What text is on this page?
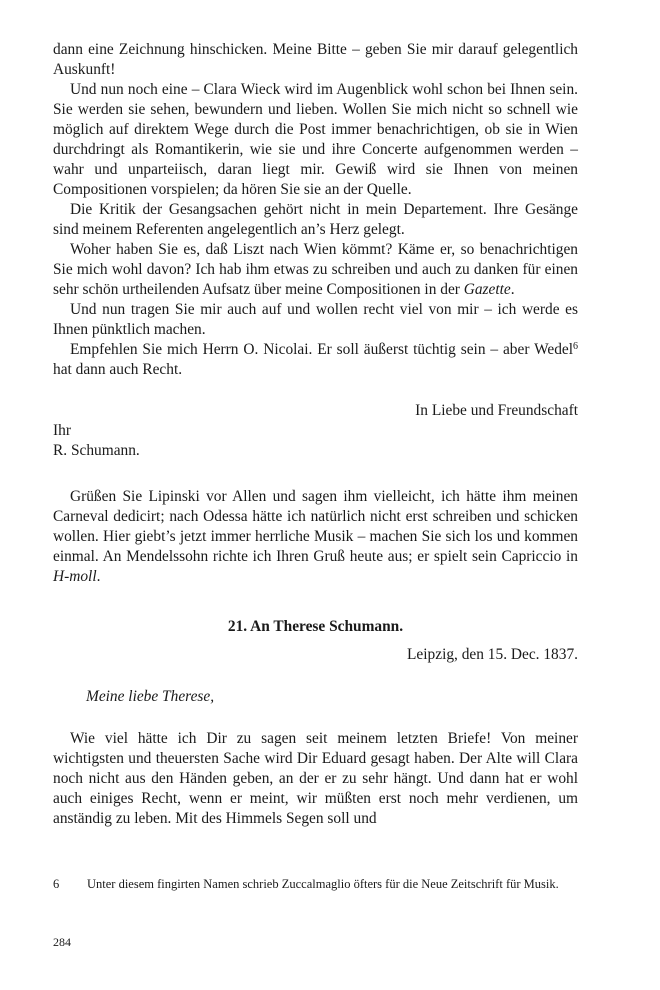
dann eine Zeichnung hinschicken. Meine Bitte – geben Sie mir darauf gelegentlich Auskunft!

Und nun noch eine – Clara Wieck wird im Augenblick wohl schon bei Ihnen sein. Sie werden sie sehen, bewundern und lieben. Wollen Sie mich nicht so schnell wie möglich auf direktem Wege durch die Post immer benachrichtigen, ob sie in Wien durchdringt als Romantikerin, wie sie und ihre Concerte aufgenommen werden – wahr und unparteiisch, daran liegt mir. Gewiß wird sie Ihnen von meinen Compositionen vorspielen; da hören Sie sie an der Quelle.

Die Kritik der Gesangsachen gehört nicht in mein Departement. Ihre Gesänge sind meinem Referenten angelegentlich an’s Herz gelegt.

Woher haben Sie es, daß Liszt nach Wien kömmt? Käme er, so benachrichtigen Sie mich wohl davon? Ich hab ihm etwas zu schreiben und auch zu danken für einen sehr schön urtheilenden Aufsatz über meine Compositionen in der Gazette.

Und nun tragen Sie mir auch auf und wollen recht viel von mir – ich werde es Ihnen pünktlich machen.

Empfehlen Sie mich Herrn O. Nicolai. Er soll äußerst tüchtig sein – aber Wedel$^6$ hat dann auch Recht.

In Liebe und Freundschaft

Ihr

R. Schumann.

Grüßen Sie Lipinski vor Allen und sagen ihm vielleicht, ich hätte ihm meinen Carneval dedicirt; nach Odessa hätte ich natürlich nicht erst schreiben und schicken wollen. Hier giebt’s jetzt immer herrliche Musik – machen Sie sich los und kommen einmal. An Mendelssohn richte ich Ihren Gruß heute aus; er spielt sein Capriccio in H-moll.

21. An Therese Schumann.

Leipzig, den 15. Dec. 1837.

Meine liebe Therese,

Wie viel hätte ich Dir zu sagen seit meinem letzten Briefe! Von meiner wichtigsten und theuersten Sache wird Dir Eduard gesagt haben. Der Alte will Clara noch nicht aus den Händen geben, an der er zu sehr hängt. Und dann hat er wohl auch einiges Recht, wenn er meint, wir müßten erst noch mehr verdienen, um anständig zu leben. Mit des Himmels Segen soll und

6	Unter diesem fingirten Namen schrieb Zuccalmaglio öfters für die Neue Zeitschrift für Musik.
284
